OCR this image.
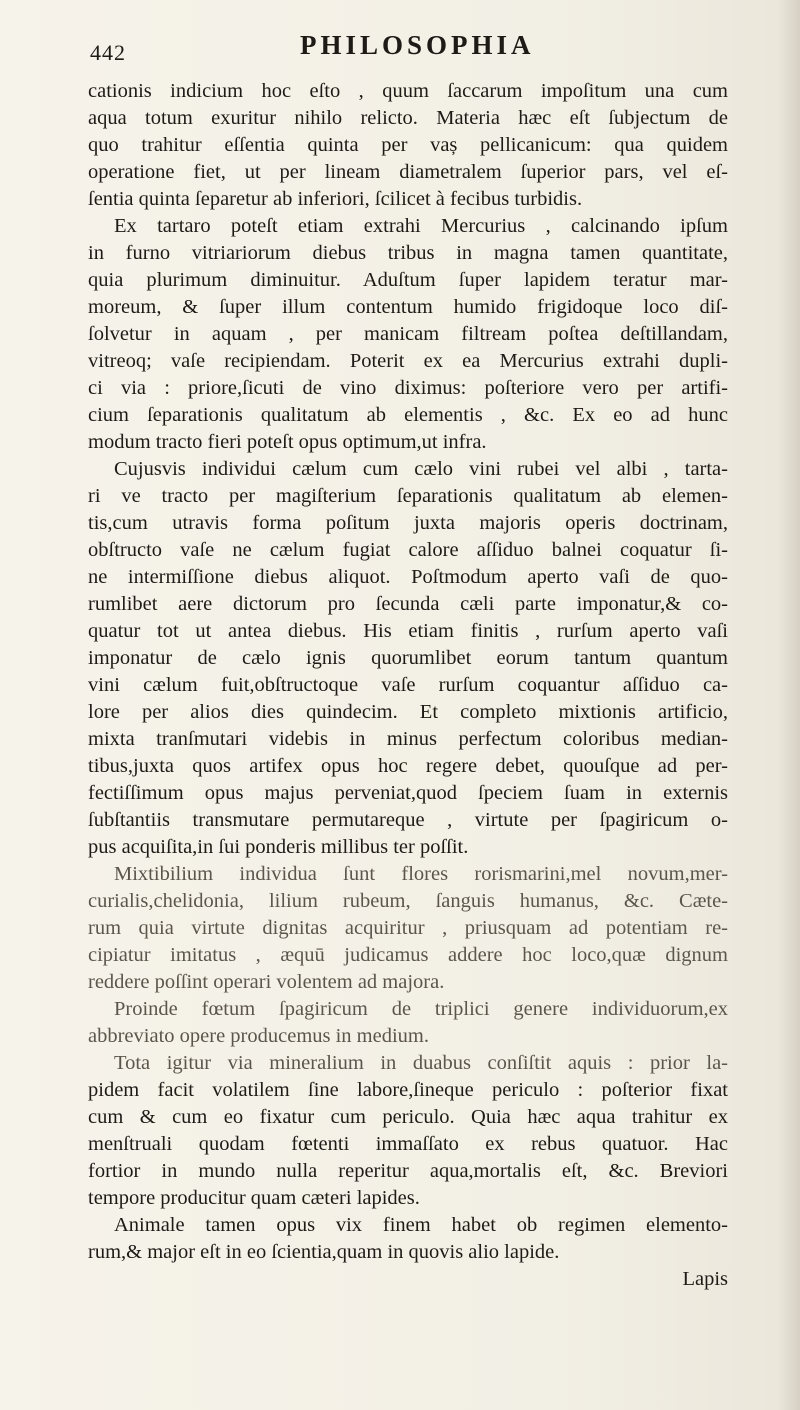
442	PHILOSOPHIA
cationis indicium hoc eſto , quum ſaccarum impoſitum una cum
aqua totum exuritur nihilo relicto. Materia hæc eſt ſubjectum de
quo trahitur eſſentia quinta per vaș pellicanicum: qua quidem
operatione fiet, ut per lineam diametralem ſuperior pars, vel eſ-
ſentia quinta ſeparetur ab inferiori, ſcilicet à fecibus turbidis.
Ex tartaro poteſt etiam extrahi Mercurius , calcinando ipſum
in furno vitriariorum diebus tribus in magna tamen quantitate,
quia plurimum diminuitur. Aduſtum ſuper lapidem teratur mar-
moreum, & ſuper illum contentum humido frigidoque loco diſ-
ſolvetur in aquam , per manicam filtream poſtea deſtillandam,
vitreoq; vaſe recipiendam. Poterit ex ea Mercurius extrahi dupli-
ci via : priore,ſicuti de vino diximus: poſteriore vero per artifi-
cium ſeparationis qualitatum ab elementis , &c. Ex eo ad hunc
modum tracto fieri poteſt opus optimum,ut infra.
Cujusvis individui cælum cum cælo vini rubei vel albi , tarta-
ri ve tracto per magiſterium ſeparationis qualitatum ab elemen-
tis,cum utravis forma poſitum juxta majoris operis doctrinam,
obſtructo vaſe ne cælum fugiat calore aſſiduo balnei coquatur ſi-
ne intermiſſione diebus aliquot. Poſtmodum aperto vaſi de quo-
rumlibet aere dictorum pro ſecunda cæli parte imponatur,& co-
quatur tot ut antea diebus. His etiam finitis , rurſum aperto vaſi
imponatur de cælo ignis quorumlibet eorum tantum quantum
vini cælum fuit,obſtructoque vaſe rurſum coquantur aſſiduo ca-
lore per alios dies quindecim. Et completo mixtionis artificio,
mixta tranſmutari videbis in minus perfectum coloribus median-
tibus,juxta quos artifex opus hoc regere debet, quouſque ad per-
fectiſſimum opus majus perveniat,quod ſpeciem ſuam in externis
ſubſtantiis transmutare permutareque , virtute per ſpagiricum o-
pus acquiſita,in ſui ponderis millibus ter poſſit.
Mixtibilium individua ſunt flores rorismarini,mel novum,mer-
curialis,chelidonia, lilium rubeum, ſanguis humanus, &c. Cæte-
rum quia virtute dignitas acquiritur , priusquam ad potentiam re-
cipiatur imitatus , æquū judicamus addere hoc loco,quæ dignum
reddere poſſint operari volentem ad majora.
Proinde fœtum ſpagiricum de triplici genere individuorum,ex
abbreviato opere producemus in medium.
Tota igitur via mineralium in duabus conſiſtit aquis : prior la-
pidem facit volatilem ſine labore,ſineque periculo : poſterior fixat
cum & cum eo fixatur cum periculo. Quia hæc aqua trahitur ex
menſtruali quodam fœtenti immaſſato ex rebus quatuor. Hac
fortior in mundo nulla reperitur aqua,mortalis eſt, &c. Breviori
tempore producitur quam cæteri lapides.
Animale tamen opus vix finem habet ob regimen elemento-
rum,& major eſt in eo ſcientia,quam in quovis alio lapide.
Lapis
